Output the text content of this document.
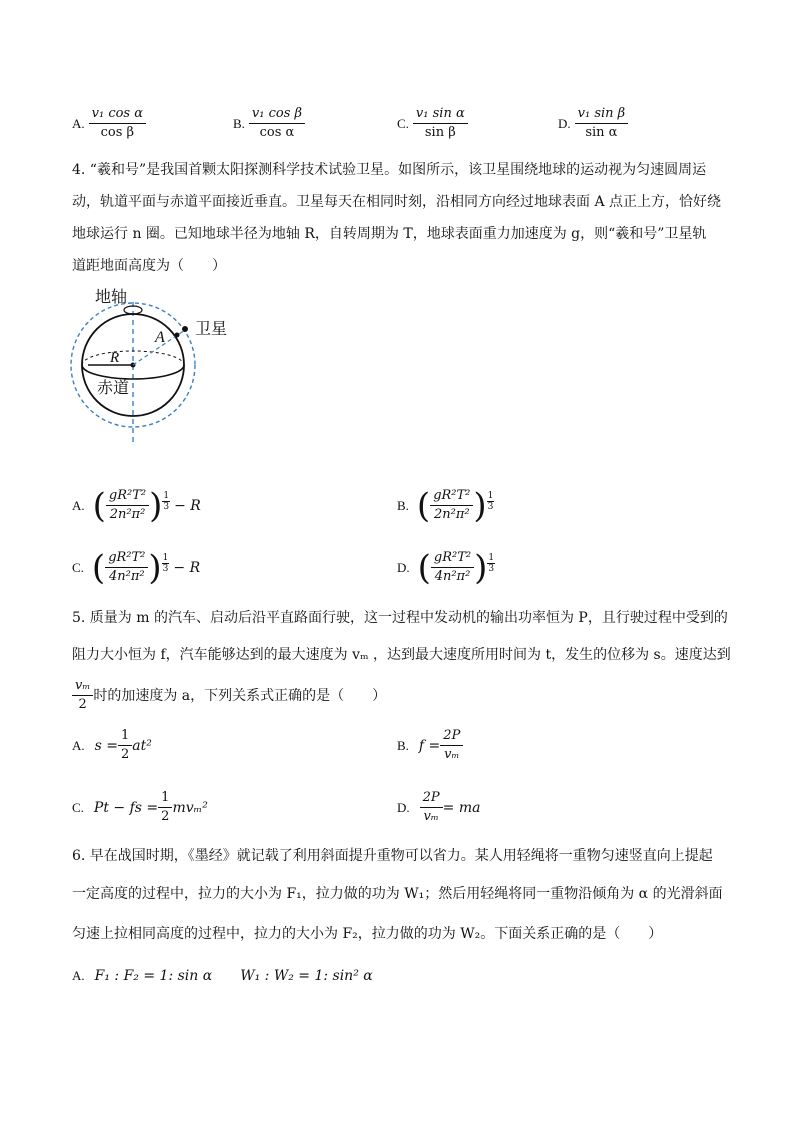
A. $\frac{\text{v₁ cos α}}{\text{cos β}}$	B. $\frac{\text{v₁ cos β}}{\text{cos α}}$	C. $\frac{\text{v₁ sin α}}{\text{sin β}}$	D. $\frac{\text{v₁ sin β}}{\text{sin α}}$
4. “羲和号”是我国首颗太阳探测科学技术试验卫星。如图所示，该卫星围绕地球的运动视为匀速圆周运
动，轨道平面与赤道平面接近垂直。卫星每天在相同时刻，沿相同方向经过地球表面 A 点正上方，恰好绕
地球运行 n 圈。已知地球半径为地轴 R，自转周期为 T，地球表面重力加速度为 g，则“羲和号”卫星轨
道距地面高度为（　　）
地轴
卫星
A
R
赤道
A. ( $\frac{\text{gR²T²}}{\text{2n²π²}}$ ) $\frac{1}{3} - R$	B. ( $\frac{\text{gR²T²}}{\text{2n²π²}}$ ) $\frac{1}{3}$
C. ( $\frac{\text{gR²T²}}{\text{4n²π²}}$ ) $\frac{1}{3} - R$	D. ( $\frac{\text{gR²T²}}{\text{4n²π²}}$ ) $\frac{1}{3}$
5. 质量为 m 的汽车、启动后沿平直路面行驶，这一过程中发动机的输出功率恒为 P，且行驶过程中受到的
阻力大小恒为 f，汽车能够达到的最大速度为 vₘ ，达到最大速度所用时间为 t，发生的位移为 s。速度达到
$\frac{\text{vₘ}}{2}$ 时的加速度为 a，下列关系式正确的是（　　）
A. $s = \frac{1}{2} at^2$	B. $f = \frac{2P}{\text{vₘ}}$
C. Pt − fs = $\frac{1}{2} mv_m^2$	D. $\frac{2P}{\text{vₘ}}$ = ma
6. 早在战国时期，《墨经》就记载了利用斜面提升重物可以省力。某人用轻绳将一重物匀速竖直向上提起
一定高度的过程中，拉力的大小为 F₁，拉力做的功为 W₁；然后用轻绳将同一重物沿倾角为 α 的光滑斜面
匀速上拉相同高度的过程中，拉力的大小为 F₂，拉力做的功为 W₂。下面关系正确的是（　　）
A. F₁ : F₂ = 1: sin α　　W₁ : W₂ = 1: sin² α
